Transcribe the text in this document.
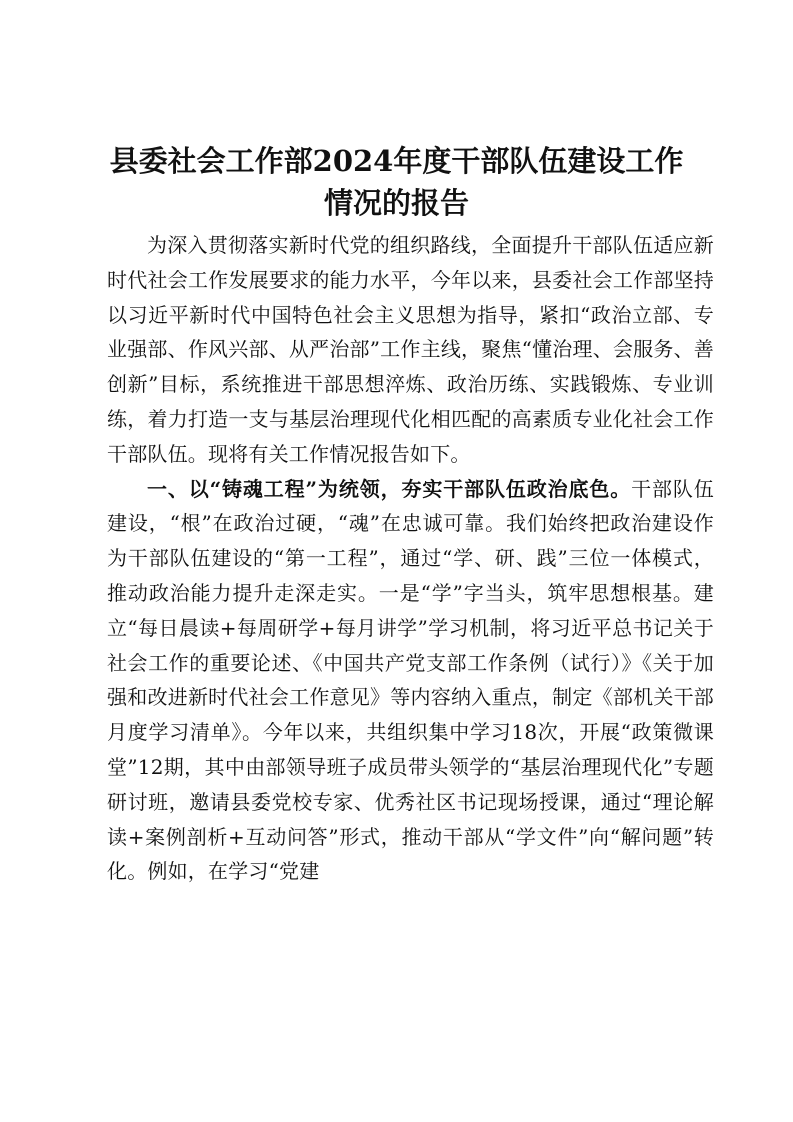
县委社会工作部2024年度干部队伍建设工作
情况的报告

为深入贯彻落实新时代党的组织路线，全面提升干部队伍适应新时代社会工作发展要求的能力水平，今年以来，县委社会工作部坚持以习近平新时代中国特色社会主义思想为指导，紧扣“政治立部、专业强部、作风兴部、从严治部”工作主线，聚焦“懂治理、会服务、善创新”目标，系统推进干部思想淬炼、政治历练、实践锻炼、专业训练，着力打造一支与基层治理现代化相匹配的高素质专业化社会工作干部队伍。现将有关工作情况报告如下。

一、以“铸魂工程”为统领，夯实干部队伍政治底色。干部队伍建设，“根”在政治过硬，“魂”在忠诚可靠。我们始终把政治建设作为干部队伍建设的“第一工程”，通过“学、研、践”三位一体模式，推动政治能力提升走深走实。一是“学”字当头，筑牢思想根基。建立“每日晨读+每周研学+每月讲学”学习机制，将习近平总书记关于社会工作的重要论述、《中国共产党支部工作条例（试行）》《关于加强和改进新时代社会工作意见》等内容纳入重点，制定《部机关干部月度学习清单》。今年以来，共组织集中学习18次，开展“政策微课堂”12期，其中由部领导班子成员带头领学的“基层治理现代化”专题研讨班，邀请县委党校专家、优秀社区书记现场授课，通过“理论解读+案例剖析+互动问答”形式，推动干部从“学文件”向“解问题”转化。例如，在学习“党建
